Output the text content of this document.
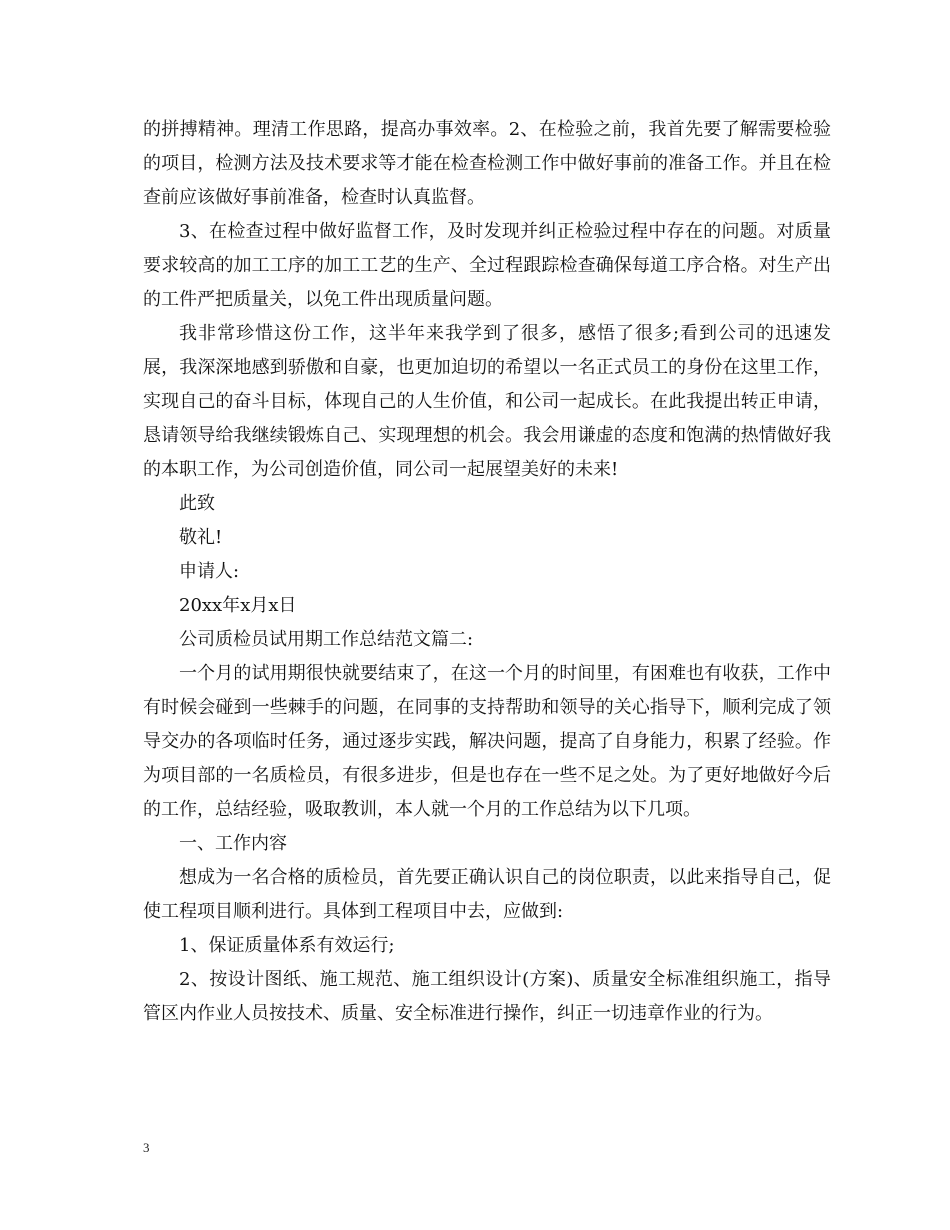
的拼搏精神。理清工作思路，提高办事效率。2、在检验之前，我首先要了解需要检验的项目，检测方法及技术要求等才能在检查检测工作中做好事前的准备工作。并且在检查前应该做好事前准备，检查时认真监督。

3、在检查过程中做好监督工作，及时发现并纠正检验过程中存在的问题。对质量要求较高的加工工序的加工工艺的生产、全过程跟踪检查确保每道工序合格。对生产出的工件严把质量关，以免工件出现质量问题。

我非常珍惜这份工作，这半年来我学到了很多，感悟了很多;看到公司的迅速发展，我深深地感到骄傲和自豪，也更加迫切的希望以一名正式员工的身份在这里工作，实现自己的奋斗目标，体现自己的人生价值，和公司一起成长。在此我提出转正申请，恳请领导给我继续锻炼自己、实现理想的机会。我会用谦虚的态度和饱满的热情做好我的本职工作，为公司创造价值，同公司一起展望美好的未来!

此致

敬礼!

申请人:

20xx年x月x日

公司质检员试用期工作总结范文篇二:

一个月的试用期很快就要结束了，在这一个月的时间里，有困难也有收获，工作中有时候会碰到一些棘手的问题，在同事的支持帮助和领导的关心指导下，顺利完成了领导交办的各项临时任务，通过逐步实践，解决问题，提高了自身能力，积累了经验。作为项目部的一名质检员，有很多进步，但是也存在一些不足之处。为了更好地做好今后的工作，总结经验，吸取教训，本人就一个月的工作总结为以下几项。

一、工作内容

想成为一名合格的质检员，首先要正确认识自己的岗位职责，以此来指导自己，促使工程项目顺利进行。具体到工程项目中去，应做到:

1、保证质量体系有效运行;

2、按设计图纸、施工规范、施工组织设计(方案)、质量安全标准组织施工，指导管区内作业人员按技术、质量、安全标准进行操作，纠正一切违章作业的行为。

3
